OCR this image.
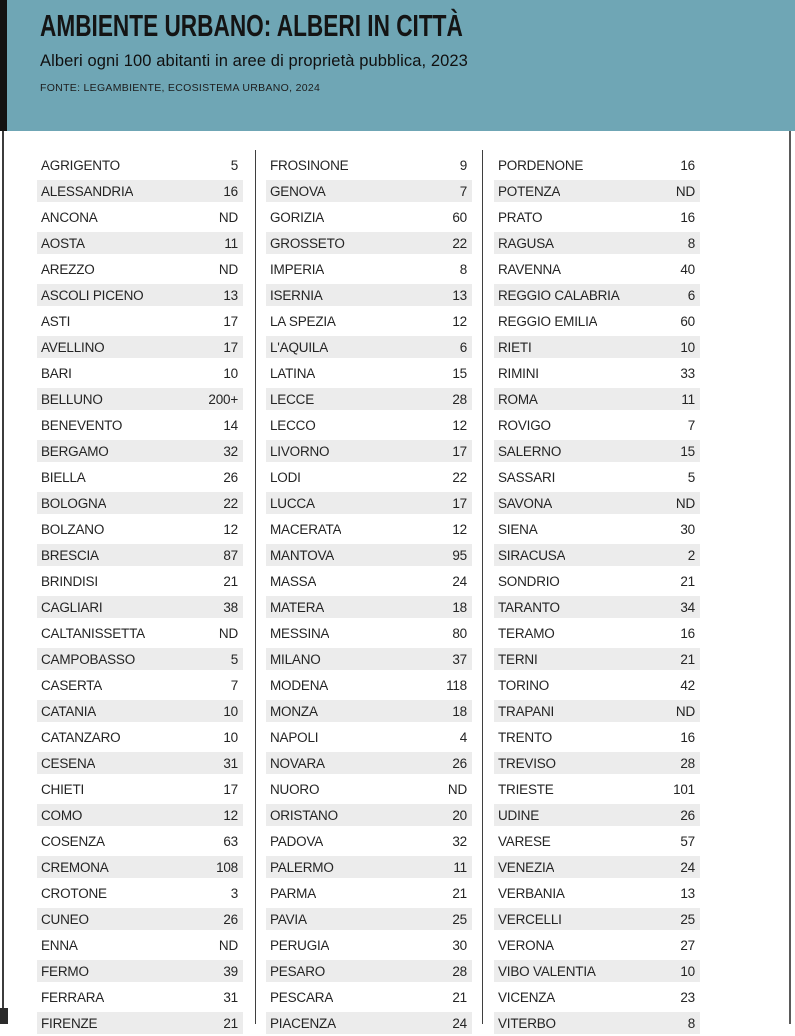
AMBIENTE URBANO: ALBERI IN CITTÀ
Alberi ogni 100 abitanti in aree di proprietà pubblica, 2023
FONTE: LEGAMBIENTE, ECOSISTEMA URBANO, 2024
AGRIGENTO	5
ALESSANDRIA	16
ANCONA	ND
AOSTA	11
AREZZO	ND
ASCOLI PICENO	13
ASTI	17
AVELLINO	17
BARI	10
BELLUNO	200+
BENEVENTO	14
BERGAMO	32
BIELLA	26
BOLOGNA	22
BOLZANO	12
BRESCIA	87
BRINDISI	21
CAGLIARI	38
CALTANISSETTA	ND
CAMPOBASSO	5
CASERTA	7
CATANIA	10
CATANZARO	10
CESENA	31
CHIETI	17
COMO	12
COSENZA	63
CREMONA	108
CROTONE	3
CUNEO	26
ENNA	ND
FERMO	39
FERRARA	31
FIRENZE	21
FROSINONE	9
GENOVA	7
GORIZIA	60
GROSSETO	22
IMPERIA	8
ISERNIA	13
LA SPEZIA	12
L'AQUILA	6
LATINA	15
LECCE	28
LECCO	12
LIVORNO	17
LODI	22
LUCCA	17
MACERATA	12
MANTOVA	95
MASSA	24
MATERA	18
MESSINA	80
MILANO	37
MODENA	118
MONZA	18
NAPOLI	4
NOVARA	26
NUORO	ND
ORISTANO	20
PADOVA	32
PALERMO	11
PARMA	21
PAVIA	25
PERUGIA	30
PESARO	28
PESCARA	21
PIACENZA	24
PORDENONE	16
POTENZA	ND
PRATO	16
RAGUSA	8
RAVENNA	40
REGGIO CALABRIA	6
REGGIO EMILIA	60
RIETI	10
RIMINI	33
ROMA	11
ROVIGO	7
SALERNO	15
SASSARI	5
SAVONA	ND
SIENA	30
SIRACUSA	2
SONDRIO	21
TARANTO	34
TERAMO	16
TERNI	21
TORINO	42
TRAPANI	ND
TRENTO	16
TREVISO	28
TRIESTE	101
UDINE	26
VARESE	57
VENEZIA	24
VERBANIA	13
VERCELLI	25
VERONA	27
VIBO VALENTIA	10
VICENZA	23
VITERBO	8
